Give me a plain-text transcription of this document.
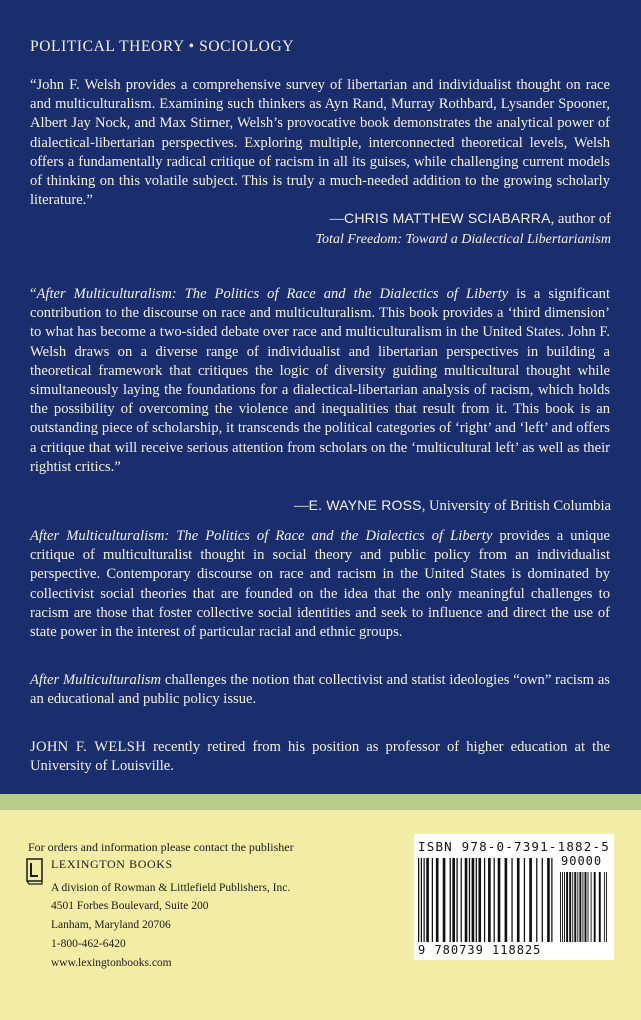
POLITICAL THEORY • SOCIOLOGY

“John F. Welsh provides a comprehensive survey of libertarian and individualist thought on race and multiculturalism. Examining such thinkers as Ayn Rand, Murray Rothbard, Lysander Spooner, Albert Jay Nock, and Max Stirner, Welsh’s provocative book demonstrates the analytical power of dialectical-libertarian perspectives. Exploring multiple, interconnected theoretical levels, Welsh offers a fundamentally radical critique of racism in all its guises, while challenging current models of thinking on this volatile subject. This is truly a much-needed addition to the growing scholarly literature.”

—CHRIS MATTHEW SCIABARRA, author of
Total Freedom: Toward a Dialectical Libertarianism

“After Multiculturalism: The Politics of Race and the Dialectics of Liberty is a significant contribution to the discourse on race and multiculturalism. This book provides a ‘third dimension’ to what has become a two-sided debate over race and multiculturalism in the United States. John F. Welsh draws on a diverse range of individualist and libertarian perspectives in building a theoretical framework that critiques the logic of diversity guiding multicultural thought while simultaneously laying the foundations for a dialectical-libertarian analysis of racism, which holds the possibility of overcoming the violence and inequalities that result from it. This book is an outstanding piece of scholarship, it transcends the political categories of ‘right’ and ‘left’ and offers a critique that will receive serious attention from scholars on the ‘multicultural left’ as well as their rightist critics.”

—E. WAYNE ROSS, University of British Columbia

After Multiculturalism: The Politics of Race and the Dialectics of Liberty provides a unique critique of multiculturalist thought in social theory and public policy from an individualist perspective. Contemporary discourse on race and racism in the United States is dominated by collectivist social theories that are founded on the idea that the only meaningful challenges to racism are those that foster collective social identities and seek to influence and direct the use of state power in the interest of particular racial and ethnic groups.

After Multiculturalism challenges the notion that collectivist and statist ideologies “own” racism as an educational and public policy issue.

JOHN F. WELSH recently retired from his position as professor of higher education at the University of Louisville.

For orders and information please contact the publisher
LEXINGTON BOOKS
A division of Rowman & Littlefield Publishers, Inc.
4501 Forbes Boulevard, Suite 200
Lanham, Maryland 20706
1-800-462-6420
www.lexingtonbooks.com
ISBN 978-0-7391-1882-5
90000
9 780739 118825
